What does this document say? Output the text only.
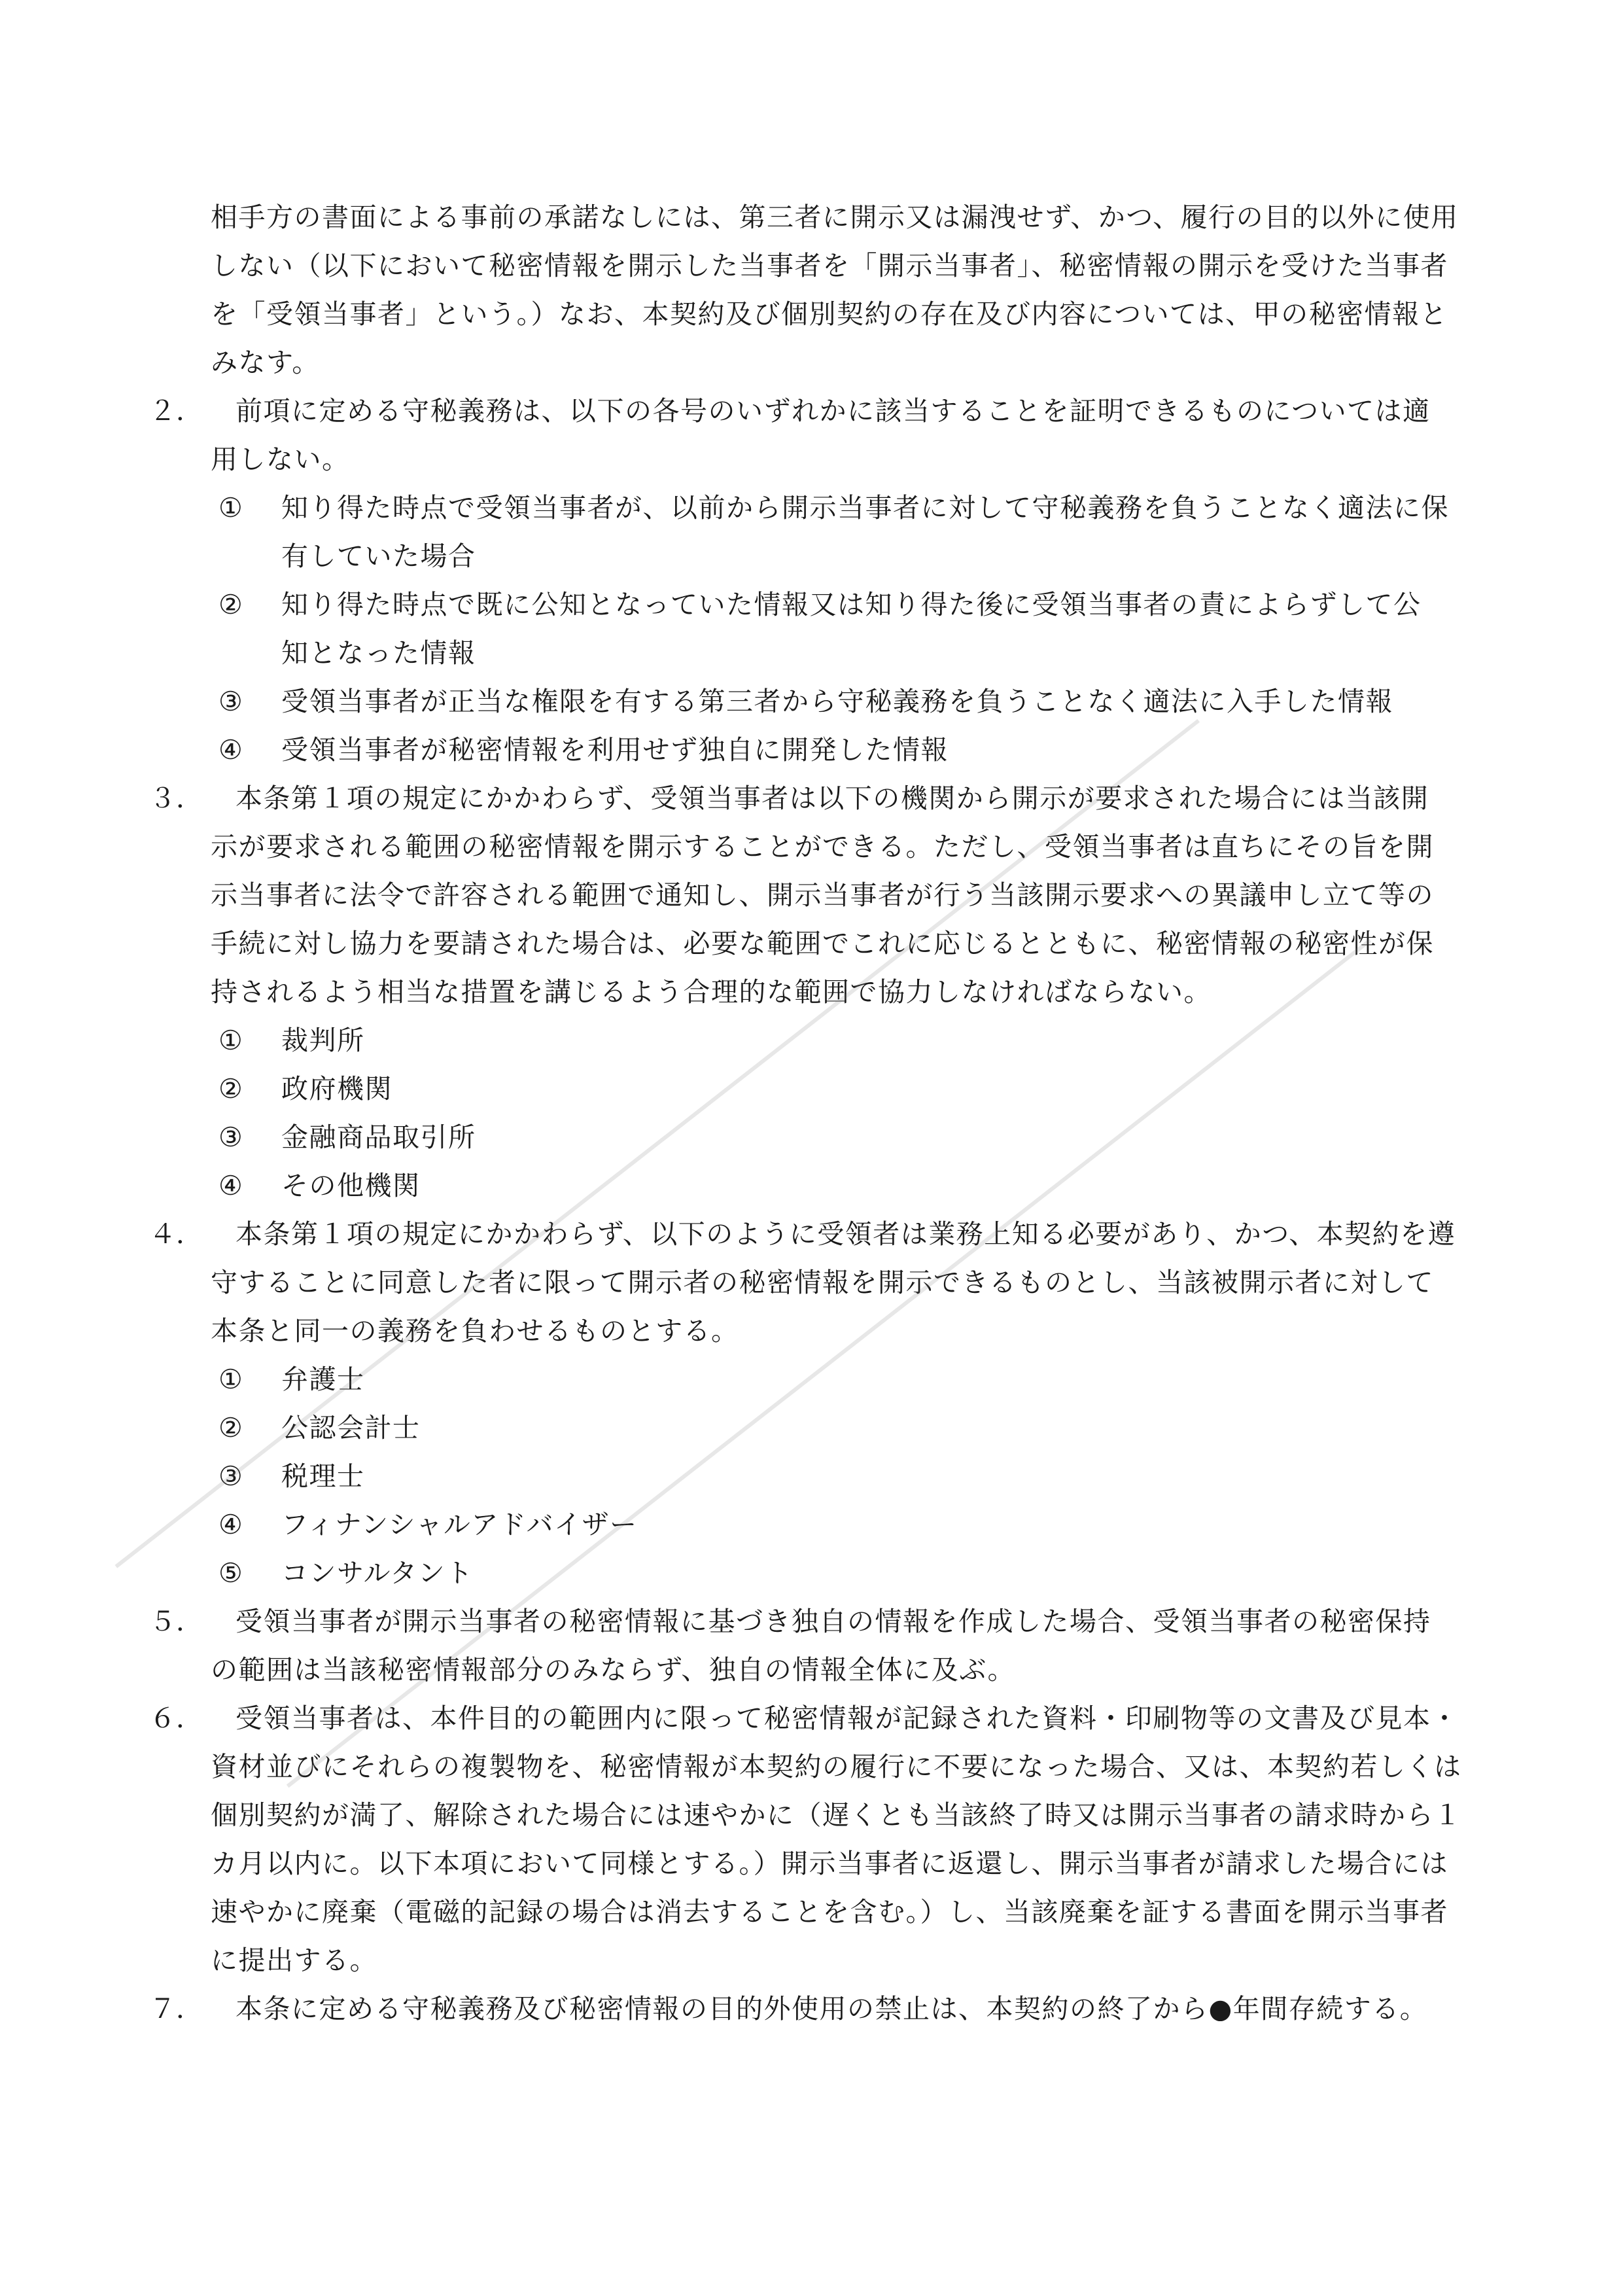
相手方の書面による事前の承諾なしには、第三者に開示又は漏洩せず、かつ、履行の目的以外に使用
しない（以下において秘密情報を開示した当事者を「開示当事者」、秘密情報の開示を受けた当事者
を「受領当事者」という。）なお、本契約及び個別契約の存在及び内容については、甲の秘密情報と
みなす。
２． 前項に定める守秘義務は、以下の各号のいずれかに該当することを証明できるものについては適
用しない。
① 知り得た時点で受領当事者が、以前から開示当事者に対して守秘義務を負うことなく適法に保
有していた場合
② 知り得た時点で既に公知となっていた情報又は知り得た後に受領当事者の責によらずして公
知となった情報
③ 受領当事者が正当な権限を有する第三者から守秘義務を負うことなく適法に入手した情報
④ 受領当事者が秘密情報を利用せず独自に開発した情報
３． 本条第１項の規定にかかわらず、受領当事者は以下の機関から開示が要求された場合には当該開
示が要求される範囲の秘密情報を開示することができる。ただし、受領当事者は直ちにその旨を開
示当事者に法令で許容される範囲で通知し、開示当事者が行う当該開示要求への異議申し立て等の
手続に対し協力を要請された場合は、必要な範囲でこれに応じるとともに、秘密情報の秘密性が保
持されるよう相当な措置を講じるよう合理的な範囲で協力しなければならない。
① 裁判所
② 政府機関
③ 金融商品取引所
④ その他機関
４． 本条第１項の規定にかかわらず、以下のように受領者は業務上知る必要があり、かつ、本契約を遵
守することに同意した者に限って開示者の秘密情報を開示できるものとし、当該被開示者に対して
本条と同一の義務を負わせるものとする。
① 弁護士
② 公認会計士
③ 税理士
④ フィナンシャルアドバイザー
⑤ コンサルタント
５． 受領当事者が開示当事者の秘密情報に基づき独自の情報を作成した場合、受領当事者の秘密保持
の範囲は当該秘密情報部分のみならず、独自の情報全体に及ぶ。
６． 受領当事者は、本件目的の範囲内に限って秘密情報が記録された資料・印刷物等の文書及び見本・
資材並びにそれらの複製物を、秘密情報が本契約の履行に不要になった場合、又は、本契約若しくは
個別契約が満了、解除された場合には速やかに（遅くとも当該終了時又は開示当事者の請求時から１
カ月以内に。以下本項において同様とする。）開示当事者に返還し、開示当事者が請求した場合には
速やかに廃棄（電磁的記録の場合は消去することを含む。）し、当該廃棄を証する書面を開示当事者
に提出する。
７． 本条に定める守秘義務及び秘密情報の目的外使用の禁止は、本契約の終了から●年間存続する。
